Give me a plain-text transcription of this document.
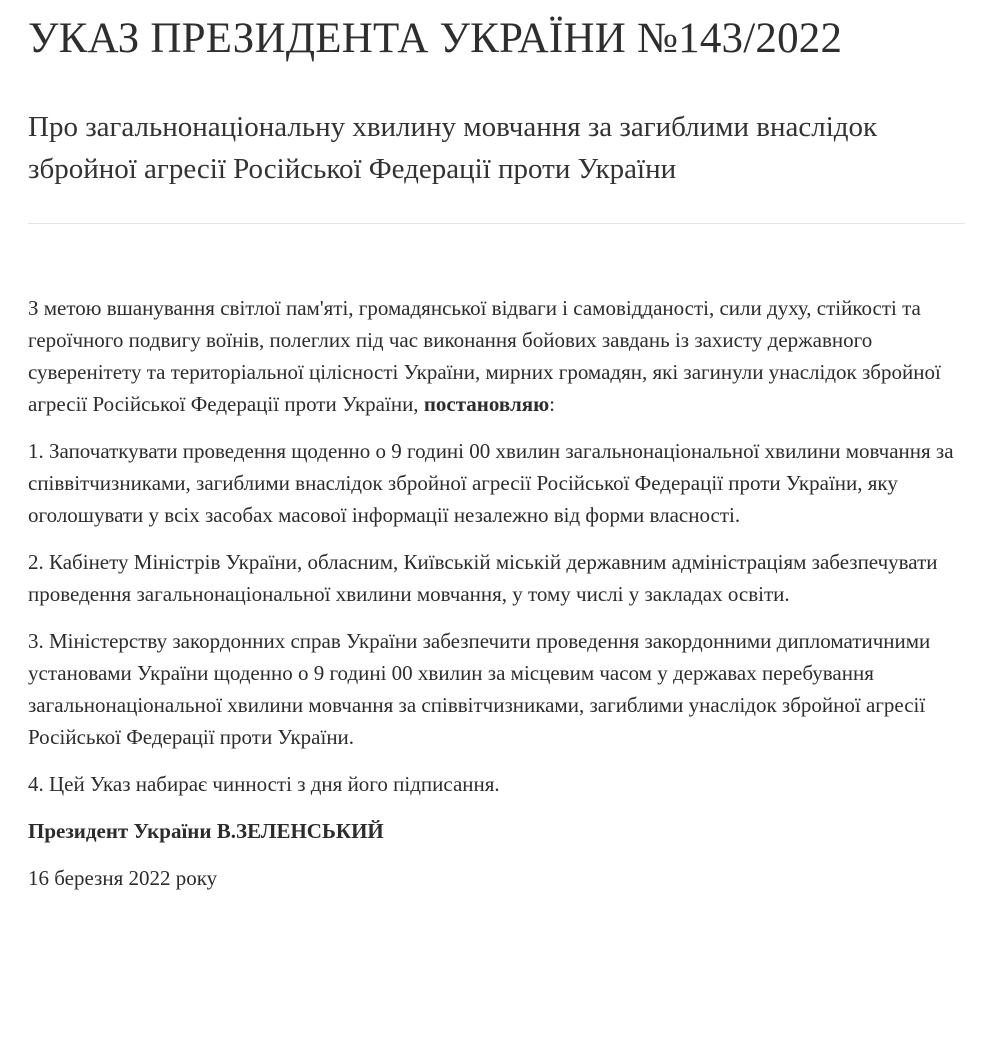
УКАЗ ПРЕЗИДЕНТА УКРАЇНИ №143/2022
Про загальнонаціональну хвилину мовчання за загиблими внаслідок збройної агресії Російської Федерації проти України

З метою вшанування світлої пам'яті, громадянської відваги і самовідданості, сили духу, стійкості та героїчного подвигу воїнів, полеглих під час виконання бойових завдань із захисту державного суверенітету та територіальної цілісності України, мирних громадян, які загинули унаслідок збройної агресії Російської Федерації проти України, постановляю:

1. Започаткувати проведення щоденно о 9 годині 00 хвилин загальнонаціональної хвилини мовчання за співвітчизниками, загиблими внаслідок збройної агресії Російської Федерації проти України, яку оголошувати у всіх засобах масової інформації незалежно від форми власності.

2. Кабінету Міністрів України, обласним, Київській міській державним адміністраціям забезпечувати проведення загальнонаціональної хвилини мовчання, у тому числі у закладах освіти.

3. Міністерству закордонних справ України забезпечити проведення закордонними дипломатичними установами України щоденно о 9 годині 00 хвилин за місцевим часом у державах перебування загальнонаціональної хвилини мовчання за співвітчизниками, загиблими унаслідок збройної агресії Російської Федерації проти України.

4. Цей Указ набирає чинності з дня його підписання.

Президент України В.ЗЕЛЕНСЬКИЙ

16 березня 2022 року
